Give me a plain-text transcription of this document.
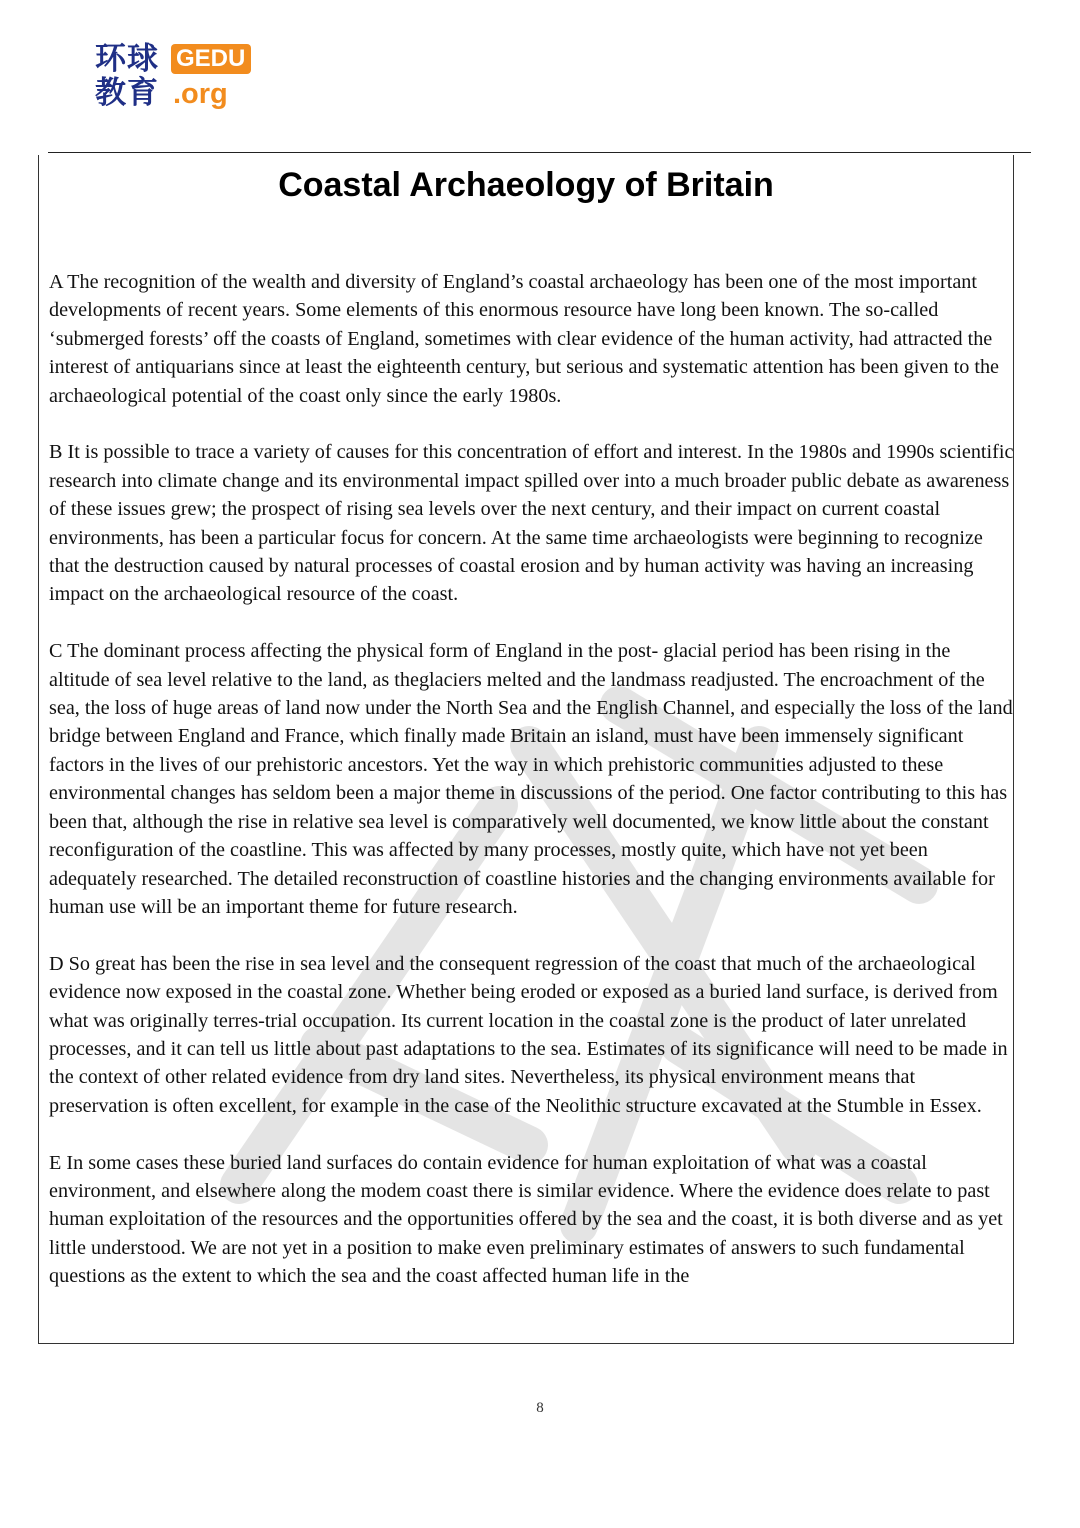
环球
教育
GEDU
.org
Coastal Archaeology of Britain

A The recognition of the wealth and diversity of England’s coastal archaeology has been one of the most important developments of recent years. Some elements of this enormous resource have long been known. The so-called ‘submerged forests’ off the coasts of England, sometimes with clear evidence of the human activity, had attracted the interest of antiquarians since at least the eighteenth century, but serious and systematic attention has been given to the archaeological potential of the coast only since the early 1980s.

B It is possible to trace a variety of causes for this concentration of effort and interest. In the 1980s and 1990s scientific research into climate change and its environmental impact spilled over into a much broader public debate as awareness of these issues grew; the prospect of rising sea levels over the next century, and their impact on current coastal environments, has been a particular focus for concern. At the same time archaeologists were beginning to recognize that the destruction caused by natural processes of coastal erosion and by human activity was having an increasing impact on the archaeological resource of the coast.

C The dominant process affecting the physical form of England in the post- glacial period has been rising in the altitude of sea level relative to the land, as theglaciers melted and the landmass readjusted. The encroachment of the sea, the loss of huge areas of land now under the North Sea and the English Channel, and especially the loss of the land bridge between England and France, which finally made Britain an island, must have been immensely significant factors in the lives of our prehistoric ancestors. Yet the way in which prehistoric communities adjusted to these environmental changes has seldom been a major theme in discussions of the period. One factor contributing to this has been that, although the rise in relative sea level is comparatively well documented, we know little about the constant reconfiguration of the coastline. This was affected by many processes, mostly quite, which have not yet been adequately researched. The detailed reconstruction of coastline histories and the changing environments available for human use will be an important theme for future research.

D So great has been the rise in sea level and the consequent regression of the coast that much of the archaeological evidence now exposed in the coastal zone. Whether being eroded or exposed as a buried land surface, is derived from what was originally terres-trial occupation. Its current location in the coastal zone is the product of later unrelated processes, and it can tell us little about past adaptations to the sea. Estimates of its significance will need to be made in the context of other related evidence from dry land sites. Nevertheless, its physical environment means that preservation is often excellent, for example in the case of the Neolithic structure excavated at the Stumble in Essex.

E In some cases these buried land surfaces do contain evidence for human exploitation of what was a coastal environment, and elsewhere along the modem coast there is similar evidence. Where the evidence does relate to past human exploitation of the resources and the opportunities offered by the sea and the coast, it is both diverse and as yet little understood. We are not yet in a position to make even preliminary estimates of answers to such fundamental questions as the extent to which the sea and the coast affected human life in the

8
